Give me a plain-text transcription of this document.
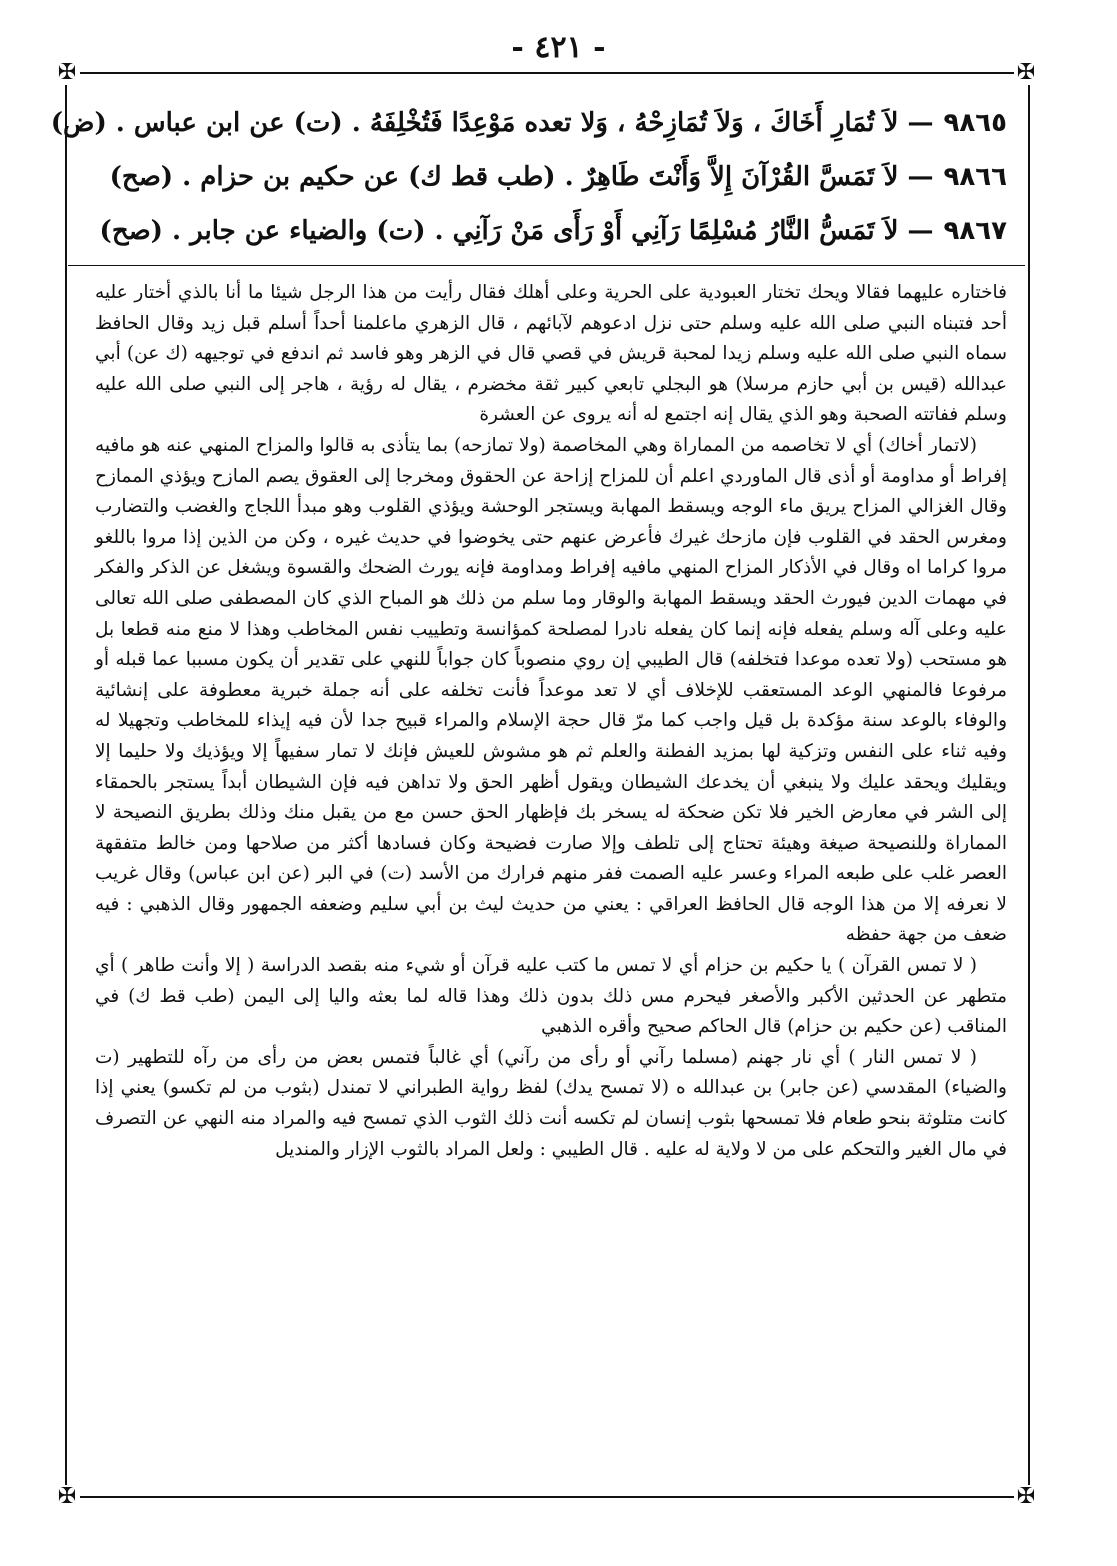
- ٤٢١ -
✠	✠
✠	✠
٩٨٦٥— لاَ تُمَارِ أَخَاكَ ، وَلاَ تُمَازِحْهُ ، وَلا تعده مَوْعِدًا فَتُخْلِفَهُ . (ت) عن ابن عباس . (ض)
٩٨٦٦— لاَ تَمَسَّ القُرْآنَ إِلاَّ وَأَنْتَ طَاهِرٌ . (طب قط ك) عن حكيم بن حزام . (صح)
٩٨٦٧— لاَ تَمَسُّ النَّارُ مُسْلِمًا رَآنِي أَوْ رَأَى مَنْ رَآنِي . (ت) والضياء عن جابر . (صح)

فاختاره عليهما فقالا ويحك تختار العبودية على الحرية وعلى أهلك فقال رأيت من هذا الرجل شيئا ما أنا بالذي أختار عليه أحد فتبناه النبي صلى الله عليه وسلم حتى نزل ادعوهم لآبائهم ، قال الزهري ماعلمنا أحداً أسلم قبل زيد وقال الحافظ سماه النبي صلى الله عليه وسلم زيدا لمحبة قريش في قصي قال في الزهر وهو فاسد ثم اندفع في توجيهه (ك عن) أبي عبدالله (قيس بن أبي حازم مرسلا) هو البجلي تابعي كبير ثقة مخضرم ، يقال له رؤية ، هاجر إلى النبي صلى الله عليه وسلم ففاتته الصحبة وهو الذي يقال إنه اجتمع له أنه يروى عن العشرة

(لاتمار أخاك) أي لا تخاصمه من المماراة وهي المخاصمة (ولا تمازحه) بما يتأذى به قالوا والمزاح المنهي عنه هو مافيه إفراط أو مداومة أو أذى قال الماوردي اعلم أن للمزاح إزاحة عن الحقوق ومخرجا إلى العقوق يصم المازح ويؤذي الممازح وقال الغزالي المزاح يريق ماء الوجه ويسقط المهابة ويستجر الوحشة ويؤذي القلوب وهو مبدأ اللجاج والغضب والتضارب ومغرس الحقد في القلوب فإن مازحك غيرك فأعرض عنهم حتى يخوضوا في حديث غيره ، وكن من الذين إذا مروا باللغو مروا كراما اه وقال في الأذكار المزاح المنهي مافيه إفراط ومداومة فإنه يورث الضحك والقسوة ويشغل عن الذكر والفكر في مهمات الدين فيورث الحقد ويسقط المهابة والوقار وما سلم من ذلك هو المباح الذي كان المصطفى صلى الله تعالى عليه وعلى آله وسلم يفعله فإنه إنما كان يفعله نادرا لمصلحة كمؤانسة وتطييب نفس المخاطب وهذا لا منع منه قطعا بل هو مستحب (ولا تعده موعدا فتخلفه) قال الطيبي إن روي منصوباً كان جواباً للنهي على تقدير أن يكون مسببا عما قبله أو مرفوعا فالمنهي الوعد المستعقب للإخلاف أي لا تعد موعداً فأنت تخلفه على أنه جملة خبرية معطوفة على إنشائية والوفاء بالوعد سنة مؤكدة بل قيل واجب كما مرّ قال حجة الإسلام والمراء قبيح جدا لأن فيه إيذاء للمخاطب وتجهيلا له وفيه ثناء على النفس وتزكية لها بمزيد الفطنة والعلم ثم هو مشوش للعيش فإنك لا تمار سفيهاً إلا ويؤذيك ولا حليما إلا ويقليك ويحقد عليك ولا ينبغي أن يخدعك الشيطان ويقول أظهر الحق ولا تداهن فيه فإن الشيطان أبداً يستجر بالحمقاء إلى الشر في معارض الخير فلا تكن ضحكة له يسخر بك فإظهار الحق حسن مع من يقبل منك وذلك بطريق النصيحة لا المماراة وللنصيحة صيغة وهيئة تحتاج إلى تلطف وإلا صارت فضيحة وكان فسادها أكثر من صلاحها ومن خالط متفقهة العصر غلب على طبعه المراء وعسر عليه الصمت ففر منهم فرارك من الأسد (ت) في البر (عن ابن عباس) وقال غريب لا نعرفه إلا من هذا الوجه قال الحافظ العراقي : يعني من حديث ليث بن أبي سليم وضعفه الجمهور وقال الذهبي : فيه ضعف من جهة حفظه

( لا تمس القرآن ) يا حكيم بن حزام أي لا تمس ما كتب عليه قرآن أو شيء منه بقصد الدراسة ( إلا وأنت طاهر ) أي متطهر عن الحدثين الأكبر والأصغر فيحرم مس ذلك بدون ذلك وهذا قاله لما بعثه واليا إلى اليمن (طب قط ك) في المناقب (عن حكيم بن حزام) قال الحاكم صحيح وأقره الذهبي

( لا تمس النار ) أي نار جهنم (مسلما رآني أو رأى من رآني) أي غالباً فتمس بعض من رأى من رآه للتطهير (ت والضياء) المقدسي (عن جابر) بن عبدالله ه (لا تمسح يدك) لفظ رواية الطبراني لا تمندل (بثوب من لم تكسو) يعني إذا كانت متلوثة بنحو طعام فلا تمسحها بثوب إنسان لم تكسه أنت ذلك الثوب الذي تمسح فيه والمراد منه النهي عن التصرف في مال الغير والتحكم على من لا ولاية له عليه . قال الطيبي : ولعل المراد بالثوب الإزار والمنديل
